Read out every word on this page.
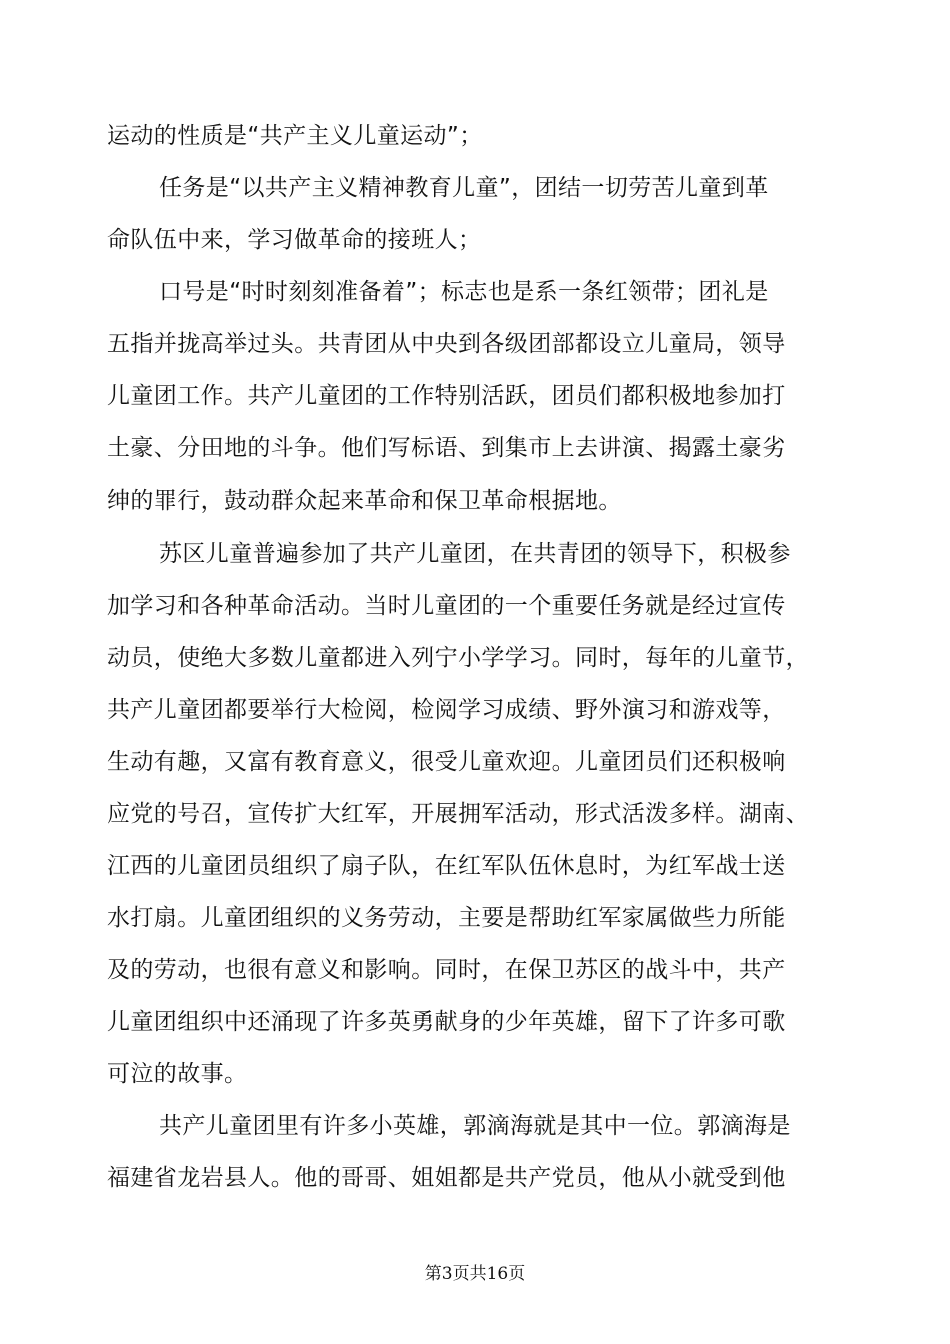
运动的性质是“共产主义儿童运动”；
任务是“以共产主义精神教育儿童”，团结一切劳苦儿童到革
命队伍中来，学习做革命的接班人；
口号是“时时刻刻准备着”；标志也是系一条红领带；团礼是
五指并拢高举过头。共青团从中央到各级团部都设立儿童局，领导
儿童团工作。共产儿童团的工作特别活跃，团员们都积极地参加打
土豪、分田地的斗争。他们写标语、到集市上去讲演、揭露土豪劣
绅的罪行，鼓动群众起来革命和保卫革命根据地。
苏区儿童普遍参加了共产儿童团，在共青团的领导下，积极参
加学习和各种革命活动。当时儿童团的一个重要任务就是经过宣传
动员，使绝大多数儿童都进入列宁小学学习。同时，每年的儿童节，
共产儿童团都要举行大检阅，检阅学习成绩、野外演习和游戏等，
生动有趣，又富有教育意义，很受儿童欢迎。儿童团员们还积极响
应党的号召，宣传扩大红军，开展拥军活动，形式活泼多样。湖南、
江西的儿童团员组织了扇子队，在红军队伍休息时，为红军战士送
水打扇。儿童团组织的义务劳动，主要是帮助红军家属做些力所能
及的劳动，也很有意义和影响。同时，在保卫苏区的战斗中，共产
儿童团组织中还涌现了许多英勇献身的少年英雄，留下了许多可歌
可泣的故事。
共产儿童团里有许多小英雄，郭滴海就是其中一位。郭滴海是
福建省龙岩县人。他的哥哥、姐姐都是共产党员，他从小就受到他
第3页共16页
